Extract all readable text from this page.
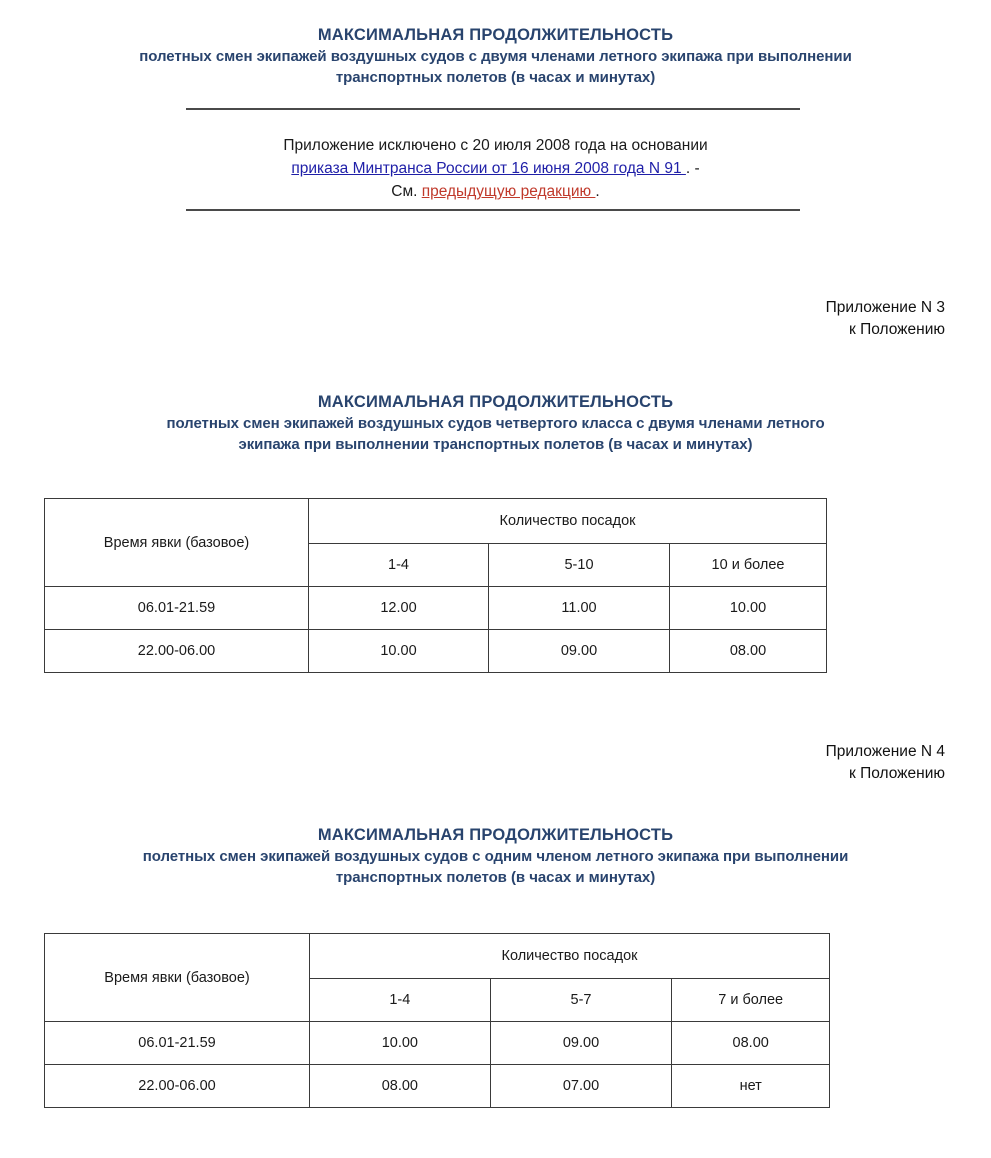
МАКСИМАЛЬНАЯ ПРОДОЛЖИТЕЛЬНОСТЬ
полетных смен экипажей воздушных судов с двумя членами летного экипажа при выполнении
транспортных полетов (в часах и минутах)
Приложение исключено с 20 июля 2008 года на основании
приказа Минтранса России от 16 июня 2008 года N 91 . -
См. предыдущую редакцию .
Приложение N 3
к Положению
МАКСИМАЛЬНАЯ ПРОДОЛЖИТЕЛЬНОСТЬ
полетных смен экипажей воздушных судов четвертого класса с двумя членами летного
экипажа при выполнении транспортных полетов (в часах и минутах)
Время явки (базовое)	Количество посадок		
	1-4	5-10	10 и более
06.01-21.59	12.00	11.00	10.00
22.00-06.00	10.00	09.00	08.00
Приложение N 4
к Положению
МАКСИМАЛЬНАЯ ПРОДОЛЖИТЕЛЬНОСТЬ
полетных смен экипажей воздушных судов с одним членом летного экипажа при выполнении
транспортных полетов (в часах и минутах)
Время явки (базовое)	Количество посадок		
	1-4	5-7	7 и более
06.01-21.59	10.00	09.00	08.00
22.00-06.00	08.00	07.00	нет
